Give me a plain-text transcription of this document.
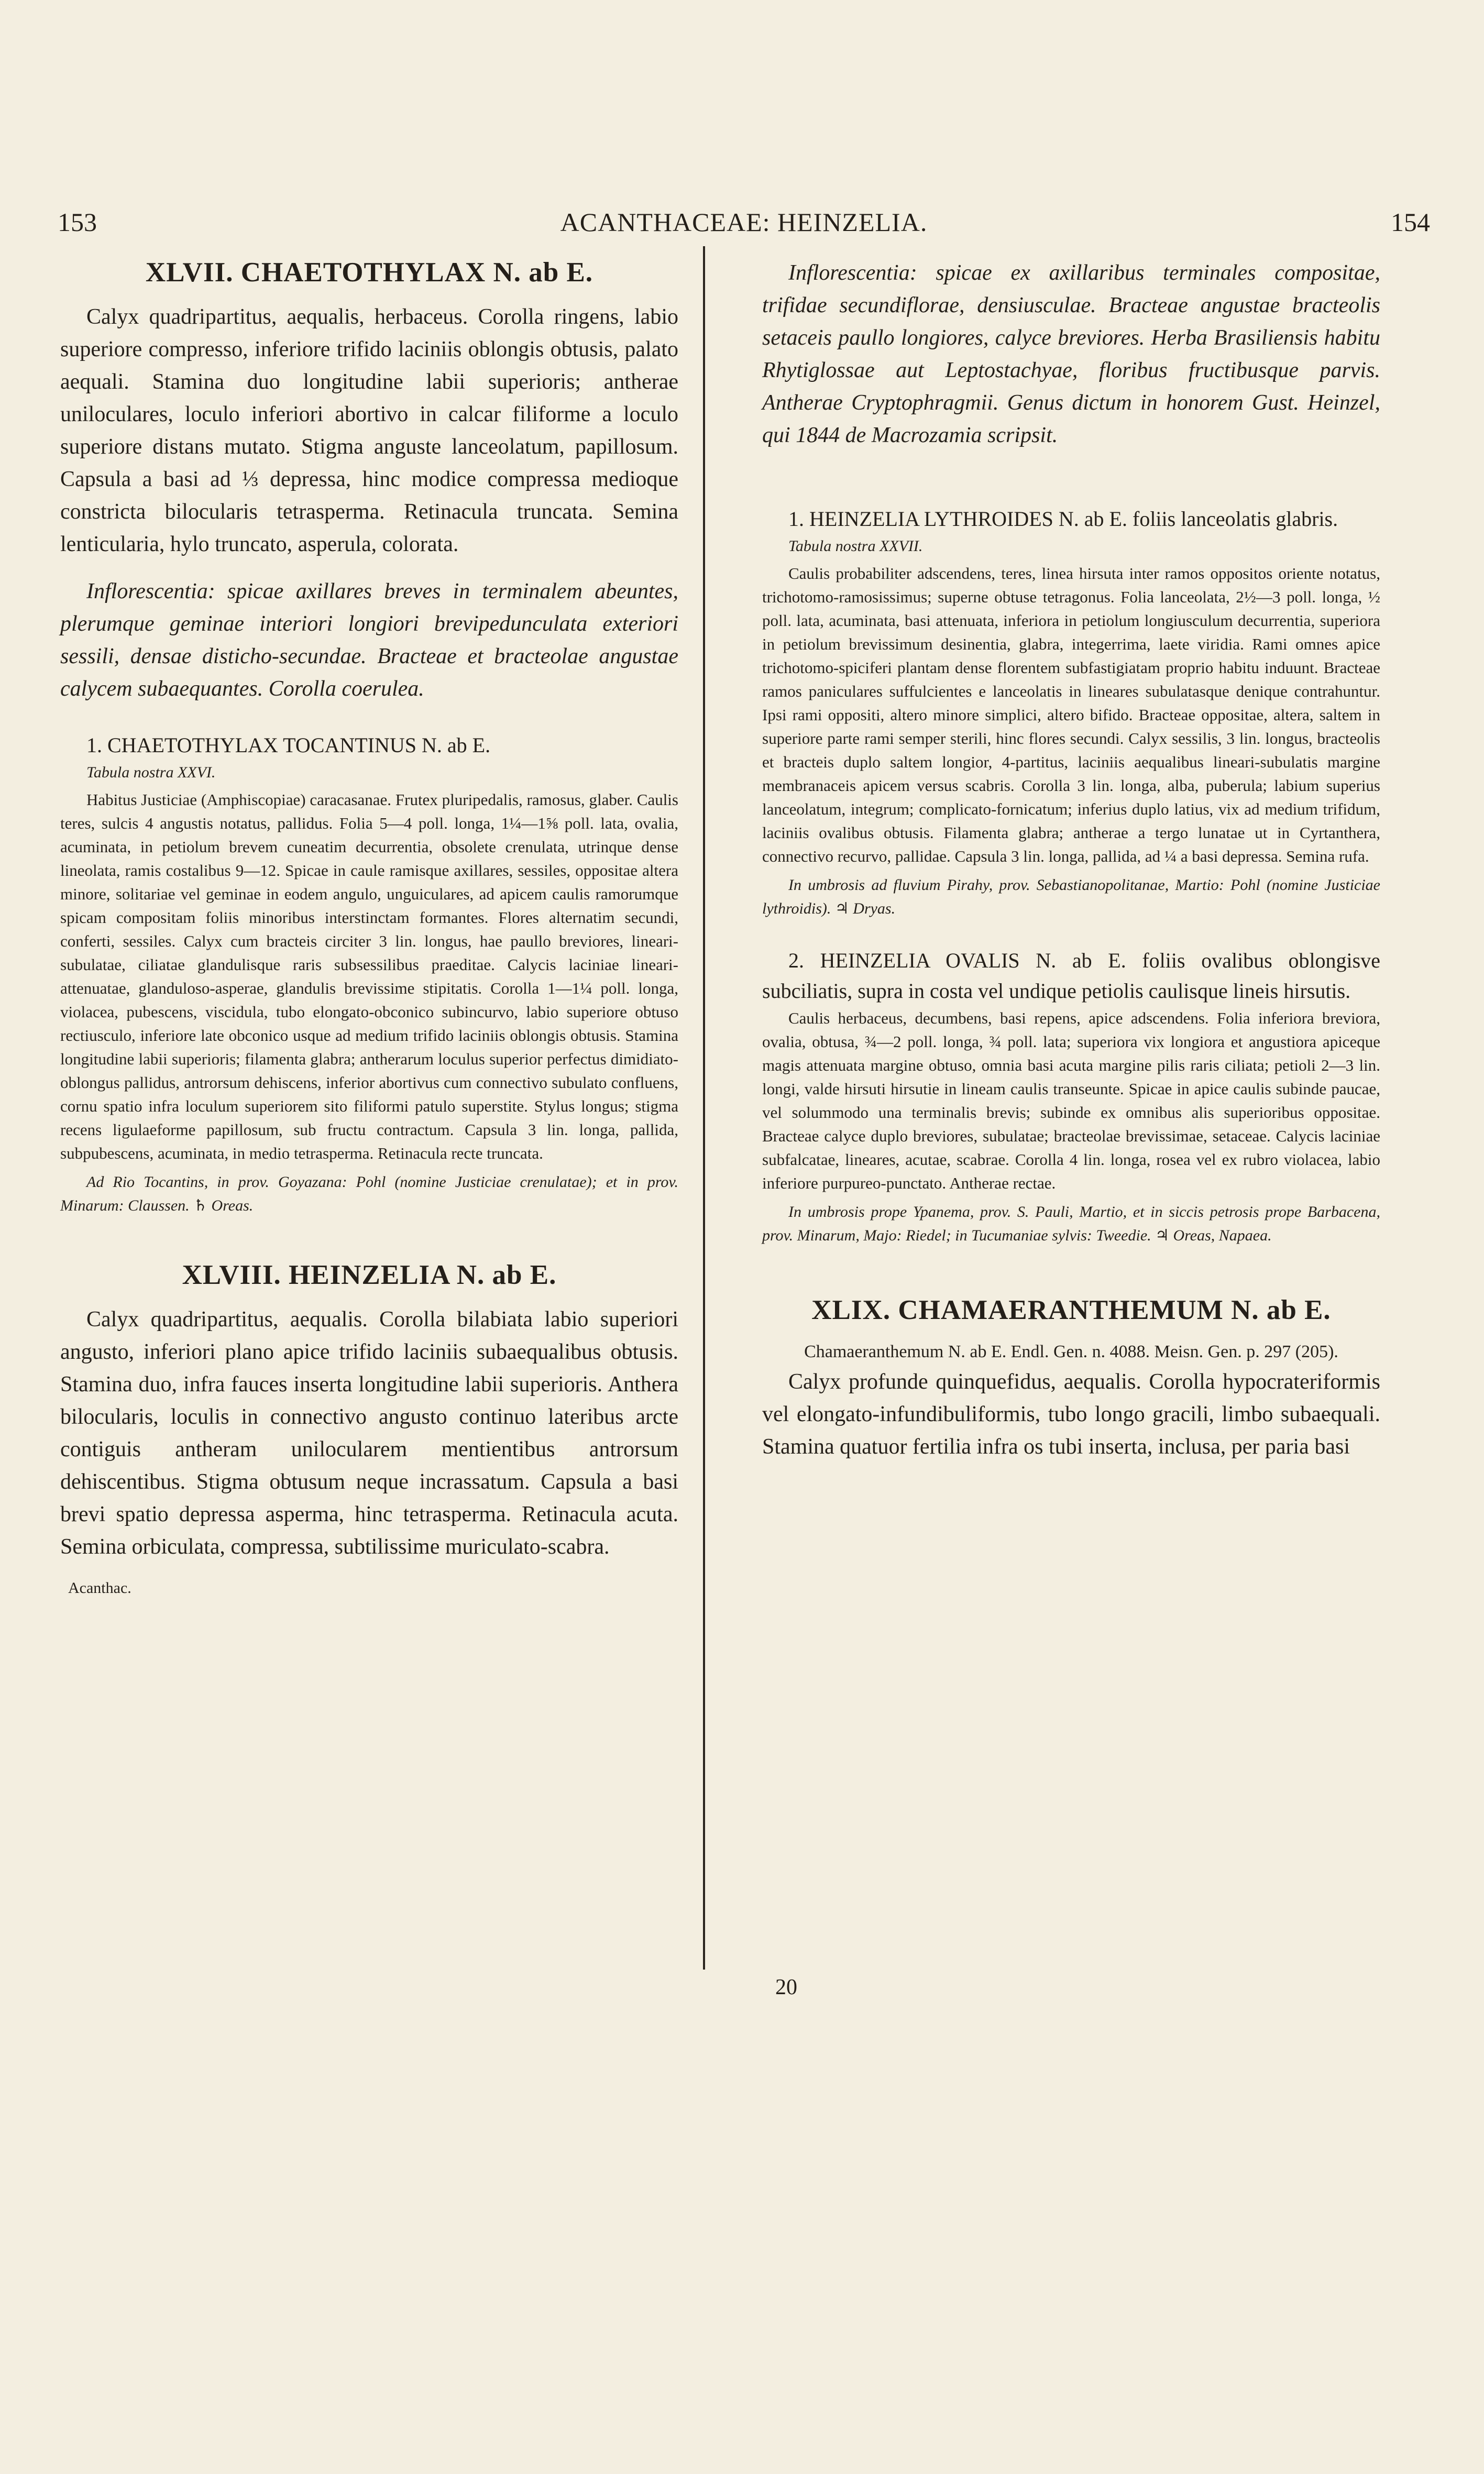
153	ACANTHACEAE: HEINZELIA.	154
XLVII. CHAETOTHYLAX N. ab E.

Calyx quadripartitus, aequalis, herbaceus. Corolla ringens, labio superiore compresso, inferiore trifido laciniis oblongis obtusis, palato aequali. Stamina duo longitudine labii superioris; antherae uniloculares, loculo inferiori abortivo in calcar filiforme a loculo superiore distans mutato. Stigma anguste lanceolatum, papillosum. Capsula a basi ad ⅓ depressa, hinc modice compressa medioque constricta bilocularis tetrasperma. Retinacula truncata. Semina lenticularia, hylo truncato, asperula, colorata.

Inflorescentia: spicae axillares breves in terminalem abeuntes, plerumque geminae interiori longiori brevipedunculata exteriori sessili, densae disticho-secundae. Bracteae et bracteolae angustae calycem subaequantes. Corolla coerulea.

1. CHAETOTHYLAX TOCANTINUS N. ab E.

Tabula nostra XXVI.

Habitus Justiciae (Amphiscopiae) caracasanae. Frutex pluripedalis, ramosus, glaber. Caulis teres, sulcis 4 angustis notatus, pallidus. Folia 5—4 poll. longa, 1¼—1⅝ poll. lata, ovalia, acuminata, in petiolum brevem cuneatim decurrentia, obsolete crenulata, utrinque dense lineolata, ramis costalibus 9—12. Spicae in caule ramisque axillares, sessiles, oppositae altera minore, solitariae vel geminae in eodem angulo, unguiculares, ad apicem caulis ramorumque spicam compositam foliis minoribus interstinctam formantes. Flores alternatim secundi, conferti, sessiles. Calyx cum bracteis circiter 3 lin. longus, hae paullo breviores, lineari-subulatae, ciliatae glandulisque raris subsessilibus praeditae. Calycis laciniae lineari-attenuatae, glanduloso-asperae, glandulis brevissime stipitatis. Corolla 1—1¼ poll. longa, violacea, pubescens, viscidula, tubo elongato-obconico subincurvo, labio superiore obtuso rectiusculo, inferiore late obconico usque ad medium trifido laciniis oblongis obtusis. Stamina longitudine labii superioris; filamenta glabra; antherarum loculus superior perfectus dimidiato-oblongus pallidus, antrorsum dehiscens, inferior abortivus cum connectivo subulato confluens, cornu spatio infra loculum superiorem sito filiformi patulo superstite. Stylus longus; stigma recens ligulaeforme papillosum, sub fructu contractum. Capsula 3 lin. longa, pallida, subpubescens, acuminata, in medio tetrasperma. Retinacula recte truncata.

Ad Rio Tocantins, in prov. Goyazana: Pohl (nomine Justiciae crenulatae); et in prov. Minarum: Claussen. ♄ Oreas.

XLVIII. HEINZELIA N. ab E.

Calyx quadripartitus, aequalis. Corolla bilabiata labio superiori angusto, inferiori plano apice trifido laciniis subaequalibus obtusis. Stamina duo, infra fauces inserta longitudine labii superioris. Anthera bilocularis, loculis in connectivo angusto continuo lateribus arcte contiguis antheram unilocularem mentientibus antrorsum dehiscentibus. Stigma obtusum neque incrassatum. Capsula a basi brevi spatio depressa asperma, hinc tetrasperma. Retinacula acuta. Semina orbiculata, compressa, subtilissime muriculato-scabra.

Acanthac.

Inflorescentia: spicae ex axillaribus terminales compositae, trifidae secundiflorae, densiusculae. Bracteae angustae bracteolis setaceis paullo longiores, calyce breviores. Herba Brasiliensis habitu Rhytiglossae aut Leptostachyae, floribus fructibusque parvis. Antherae Cryptophragmii. Genus dictum in honorem Gust. Heinzel, qui 1844 de Macrozamia scripsit.

1. HEINZELIA LYTHROIDES N. ab E. foliis lanceolatis glabris.

Tabula nostra XXVII.

Caulis probabiliter adscendens, teres, linea hirsuta inter ramos oppositos oriente notatus, trichotomo-ramosissimus; superne obtuse tetragonus. Folia lanceolata, 2½—3 poll. longa, ½ poll. lata, acuminata, basi attenuata, inferiora in petiolum longiusculum decurrentia, superiora in petiolum brevissimum desinentia, glabra, integerrima, laete viridia. Rami omnes apice trichotomo-spiciferi plantam dense florentem subfastigiatam proprio habitu induunt. Bracteae ramos paniculares suffulcientes e lanceolatis in lineares subulatasque denique contrahuntur. Ipsi rami oppositi, altero minore simplici, altero bifido. Bracteae oppositae, altera, saltem in superiore parte rami semper sterili, hinc flores secundi. Calyx sessilis, 3 lin. longus, bracteolis et bracteis duplo saltem longior, 4-partitus, laciniis aequalibus lineari-subulatis margine membranaceis apicem versus scabris. Corolla 3 lin. longa, alba, puberula; labium superius lanceolatum, integrum; complicato-fornicatum; inferius duplo latius, vix ad medium trifidum, laciniis ovalibus obtusis. Filamenta glabra; antherae a tergo lunatae ut in Cyrtanthera, connectivo recurvo, pallidae. Capsula 3 lin. longa, pallida, ad ¼ a basi depressa. Semina rufa.

In umbrosis ad fluvium Pirahy, prov. Sebastianopolitanae, Martio: Pohl (nomine Justiciae lythroidis). ♃ Dryas.

2. HEINZELIA OVALIS N. ab E. foliis ovalibus oblongisve subciliatis, supra in costa vel undique petiolis caulisque lineis hirsutis.

Caulis herbaceus, decumbens, basi repens, apice adscendens. Folia inferiora breviora, ovalia, obtusa, ¾—2 poll. longa, ¾ poll. lata; superiora vix longiora et angustiora apiceque magis attenuata margine obtuso, omnia basi acuta margine pilis raris ciliata; petioli 2—3 lin. longi, valde hirsuti hirsutie in lineam caulis transeunte. Spicae in apice caulis subinde paucae, vel solummodo una terminalis brevis; subinde ex omnibus alis superioribus oppositae. Bracteae calyce duplo breviores, subulatae; bracteolae brevissimae, setaceae. Calycis laciniae subfalcatae, lineares, acutae, scabrae. Corolla 4 lin. longa, rosea vel ex rubro violacea, labio inferiore purpureo-punctato. Antherae rectae.

In umbrosis prope Ypanema, prov. S. Pauli, Martio, et in siccis petrosis prope Barbacena, prov. Minarum, Majo: Riedel; in Tucumaniae sylvis: Tweedie. ♃ Oreas, Napaea.

XLIX. CHAMAERANTHEMUM N. ab E.

Chamaeranthemum N. ab E. Endl. Gen. n. 4088. Meisn. Gen. p. 297 (205).

Calyx profunde quinquefidus, aequalis. Corolla hypocrateriformis vel elongato-infundibuliformis, tubo longo gracili, limbo subaequali. Stamina quatuor fertilia infra os tubi inserta, inclusa, per paria basi

20
